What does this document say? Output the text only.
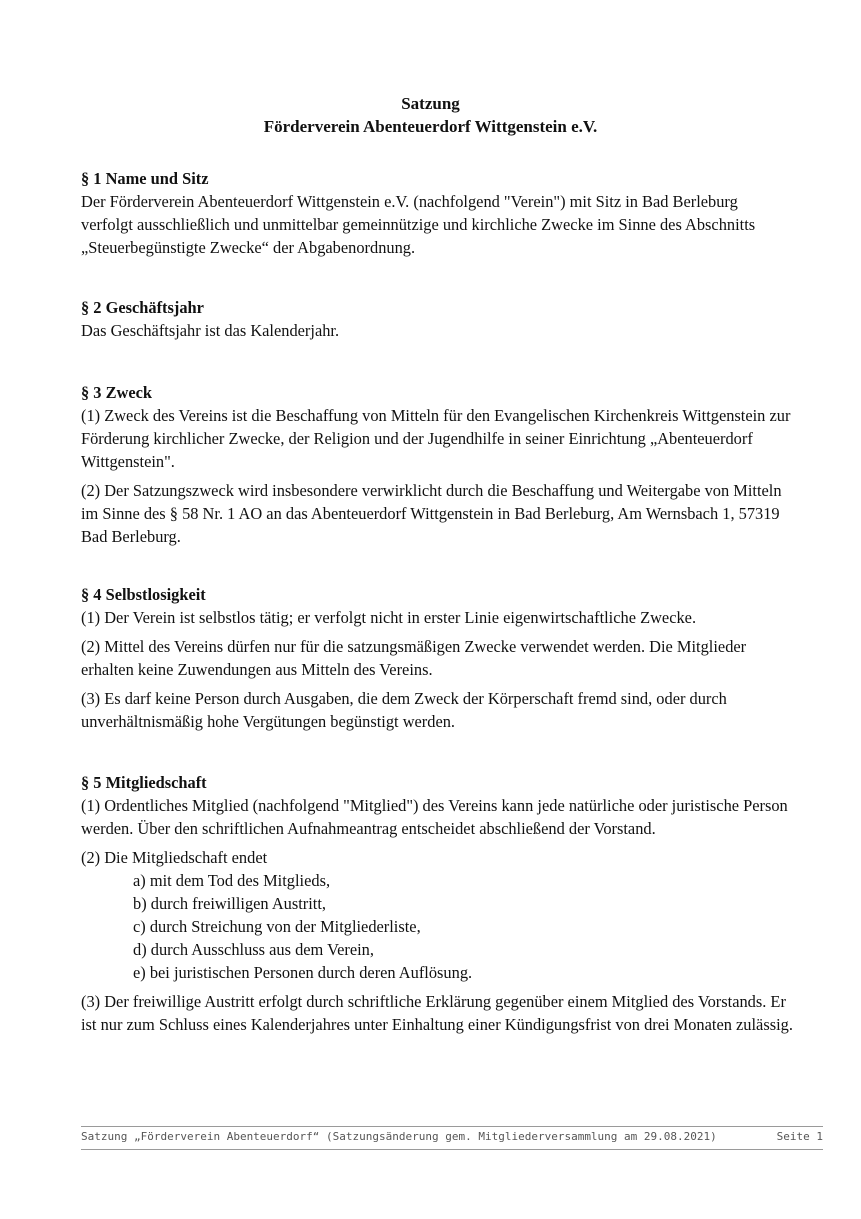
Satzung
Förderverein Abenteuerdorf Wittgenstein e.V.
§ 1 Name und Sitz
Der Förderverein Abenteuerdorf Wittgenstein e.V. (nachfolgend "Verein") mit Sitz in Bad Berleburg verfolgt ausschließlich und unmittelbar gemeinnützige und kirchliche Zwecke im Sinne des Abschnitts „Steuerbegünstigte Zwecke“ der Abgabenordnung.
§ 2 Geschäftsjahr
Das Geschäftsjahr ist das Kalenderjahr.
§ 3 Zweck
(1) Zweck des Vereins ist die Beschaffung von Mitteln für den Evangelischen Kirchenkreis Wittgenstein zur Förderung kirchlicher Zwecke, der Religion und der Jugendhilfe in seiner Einrichtung „Abenteuerdorf Wittgenstein".
(2) Der Satzungszweck wird insbesondere verwirklicht durch die Beschaffung und Weitergabe von Mitteln im Sinne des § 58 Nr. 1 AO an das Abenteuerdorf Wittgenstein in Bad Berleburg, Am Wernsbach 1, 57319 Bad Berleburg.
§ 4 Selbstlosigkeit
(1) Der Verein ist selbstlos tätig; er verfolgt nicht in erster Linie eigenwirtschaftliche Zwecke.
(2) Mittel des Vereins dürfen nur für die satzungsmäßigen Zwecke verwendet werden. Die Mitglieder erhalten keine Zuwendungen aus Mitteln des Vereins.
(3) Es darf keine Person durch Ausgaben, die dem Zweck der Körperschaft fremd sind, oder durch unverhältnismäßig hohe Vergütungen begünstigt werden.
§ 5 Mitgliedschaft
(1) Ordentliches Mitglied (nachfolgend "Mitglied") des Vereins kann jede natürliche oder juristische Person werden. Über den schriftlichen Aufnahmeantrag entscheidet abschließend der Vorstand.
(2) Die Mitgliedschaft endet
a) mit dem Tod des Mitglieds,
b) durch freiwilligen Austritt,
c) durch Streichung von der Mitgliederliste,
d) durch Ausschluss aus dem Verein,
e) bei juristischen Personen durch deren Auflösung.
(3) Der freiwillige Austritt erfolgt durch schriftliche Erklärung gegenüber einem Mitglied des Vorstands. Er ist nur zum Schluss eines Kalenderjahres unter Einhaltung einer Kündigungsfrist von drei Monaten zulässig.
Satzung „Förderverein Abenteuerdorf“ (Satzungsänderung gem. Mitgliederversammlung am 29.08.2021)	Seite 1
